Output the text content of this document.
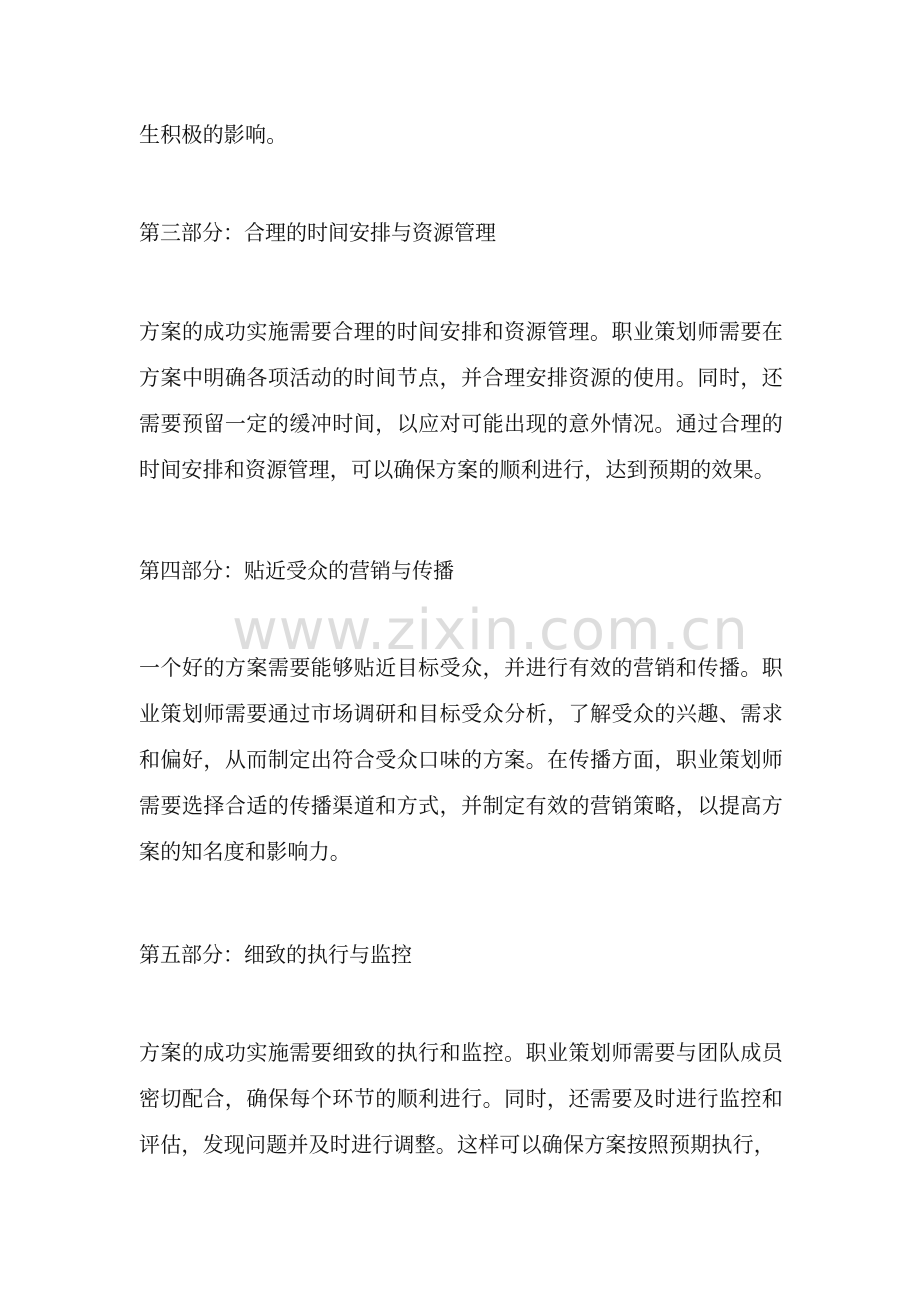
生积极的影响。

第三部分：合理的时间安排与资源管理

方案的成功实施需要合理的时间安排和资源管理。职业策划师需要在方案中明确各项活动的时间节点，并合理安排资源的使用。同时，还需要预留一定的缓冲时间，以应对可能出现的意外情况。通过合理的时间安排和资源管理，可以确保方案的顺利进行，达到预期的效果。

第四部分：贴近受众的营销与传播

一个好的方案需要能够贴近目标受众，并进行有效的营销和传播。职业策划师需要通过市场调研和目标受众分析，了解受众的兴趣、需求和偏好，从而制定出符合受众口味的方案。在传播方面，职业策划师需要选择合适的传播渠道和方式，并制定有效的营销策略，以提高方案的知名度和影响力。

第五部分：细致的执行与监控

方案的成功实施需要细致的执行和监控。职业策划师需要与团队成员密切配合，确保每个环节的顺利进行。同时，还需要及时进行监控和评估，发现问题并及时进行调整。这样可以确保方案按照预期执行，

www.zixin.com.cn
